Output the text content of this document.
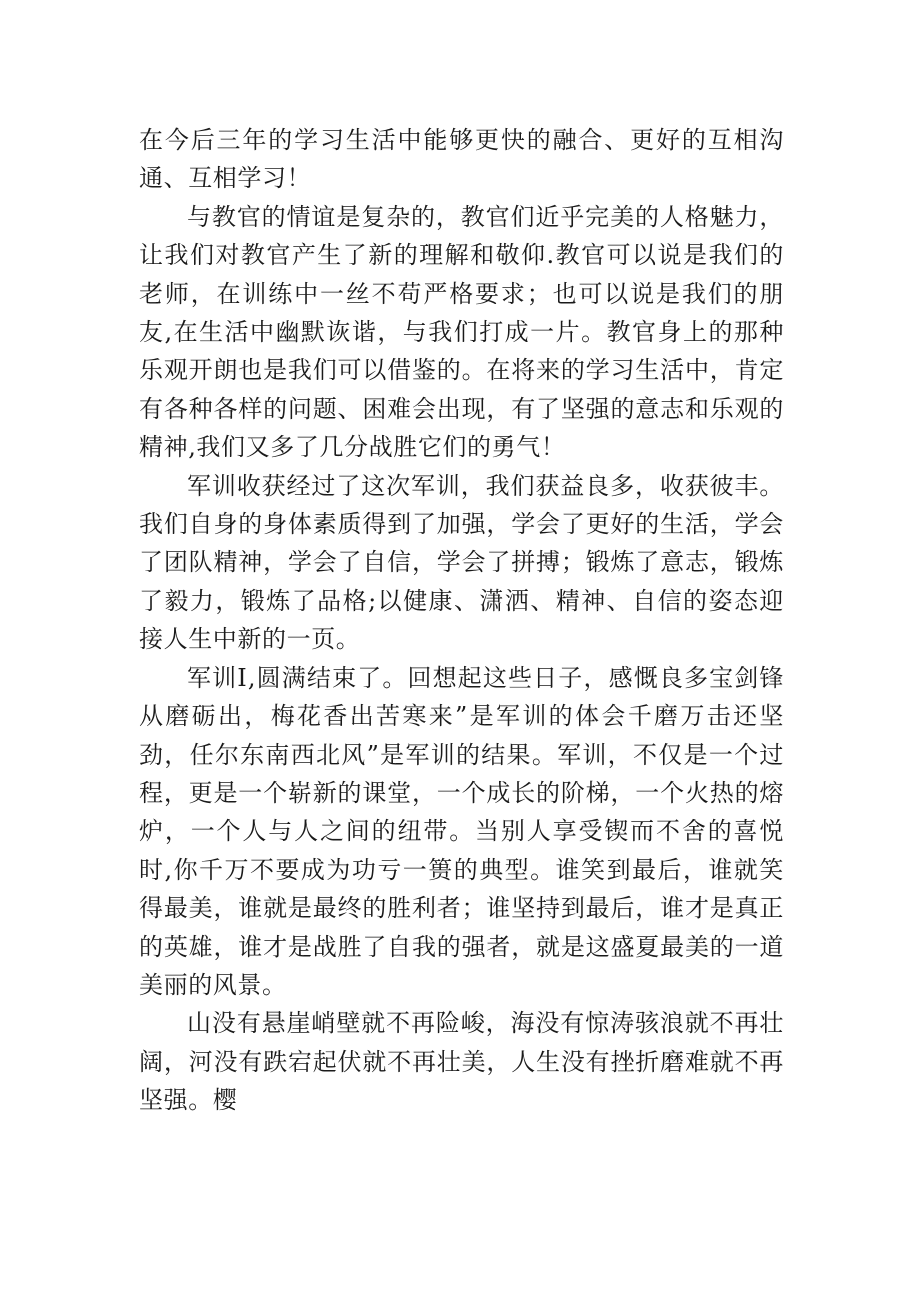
在今后三年的学习生活中能够更快的融合、更好的互相沟通、互相学习！

与教官的情谊是复杂的，教官们近乎完美的人格魅力，让我们对教官产生了新的理解和敬仰.教官可以说是我们的老师，在训练中一丝不苟严格要求；也可以说是我们的朋友,在生活中幽默诙谐，与我们打成一片。教官身上的那种乐观开朗也是我们可以借鉴的。在将来的学习生活中，肯定有各种各样的问题、困难会出现，有了坚强的意志和乐观的精神,我们又多了几分战胜它们的勇气！

军训收获经过了这次军训，我们获益良多，收获彼丰。我们自身的身体素质得到了加强，学会了更好的生活，学会了团队精神，学会了自信，学会了拼搏；锻炼了意志，锻炼了毅力，锻炼了品格;以健康、潇洒、精神、自信的姿态迎接人生中新的一页。

军训Ⅰ,圆满结束了。回想起这些日子，感慨良多宝剑锋从磨砺出，梅花香出苦寒来”是军训的体会千磨万击还坚劲，任尔东南西北风”是军训的结果。军训，不仅是一个过程，更是一个崭新的课堂，一个成长的阶梯，一个火热的熔炉，一个人与人之间的纽带。当别人享受锲而不舍的喜悦时,你千万不要成为功亏一篑的典型。谁笑到最后，谁就笑得最美，谁就是最终的胜利者；谁坚持到最后，谁才是真正的英雄，谁才是战胜了自我的强者，就是这盛夏最美的一道美丽的风景。

山没有悬崖峭壁就不再险峻，海没有惊涛骇浪就不再壮阔，河没有跌宕起伏就不再壮美，人生没有挫折磨难就不再坚强。樱
